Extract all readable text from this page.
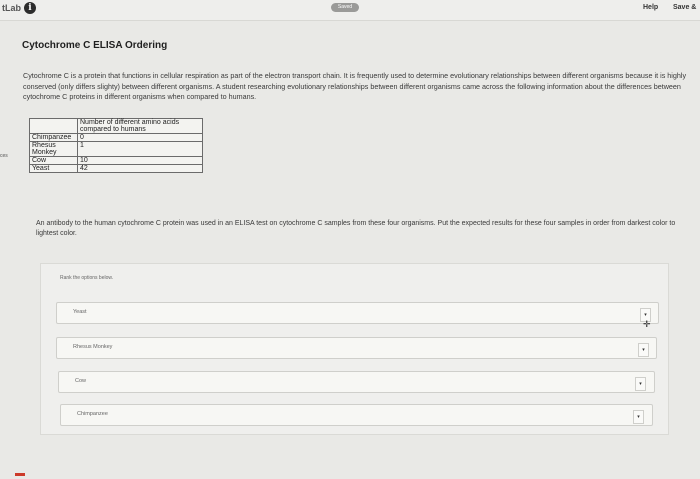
tLab i	Saved	Help Save &
ces
Cytochrome C ELISA Ordering

Cytochrome C is a protein that functions in cellular respiration as part of the electron transport chain. It is frequently used to determine evolutionary relationships between different organisms because it is highly conserved (only differs slighty) between different organisms. A student researching evolutionary relationships between different organisms came across the following information about the differences between cytochrome C proteins in different organisms when compared to humans.

	Number of different amino acids compared to humans
Chimpanzee	0
Rhesus Monkey	1
Cow	10
Yeast	42

An antibody to the human cytochrome C protein was used in an ELISA test on cytochrome C samples from these four organisms. Put the expected results for these four samples in order from darkest color to lightest color.

Rank the options below.
Yeast	▾
Rhesus Monkey	▾
Cow	▾
Chimpanzee	▾
✛
